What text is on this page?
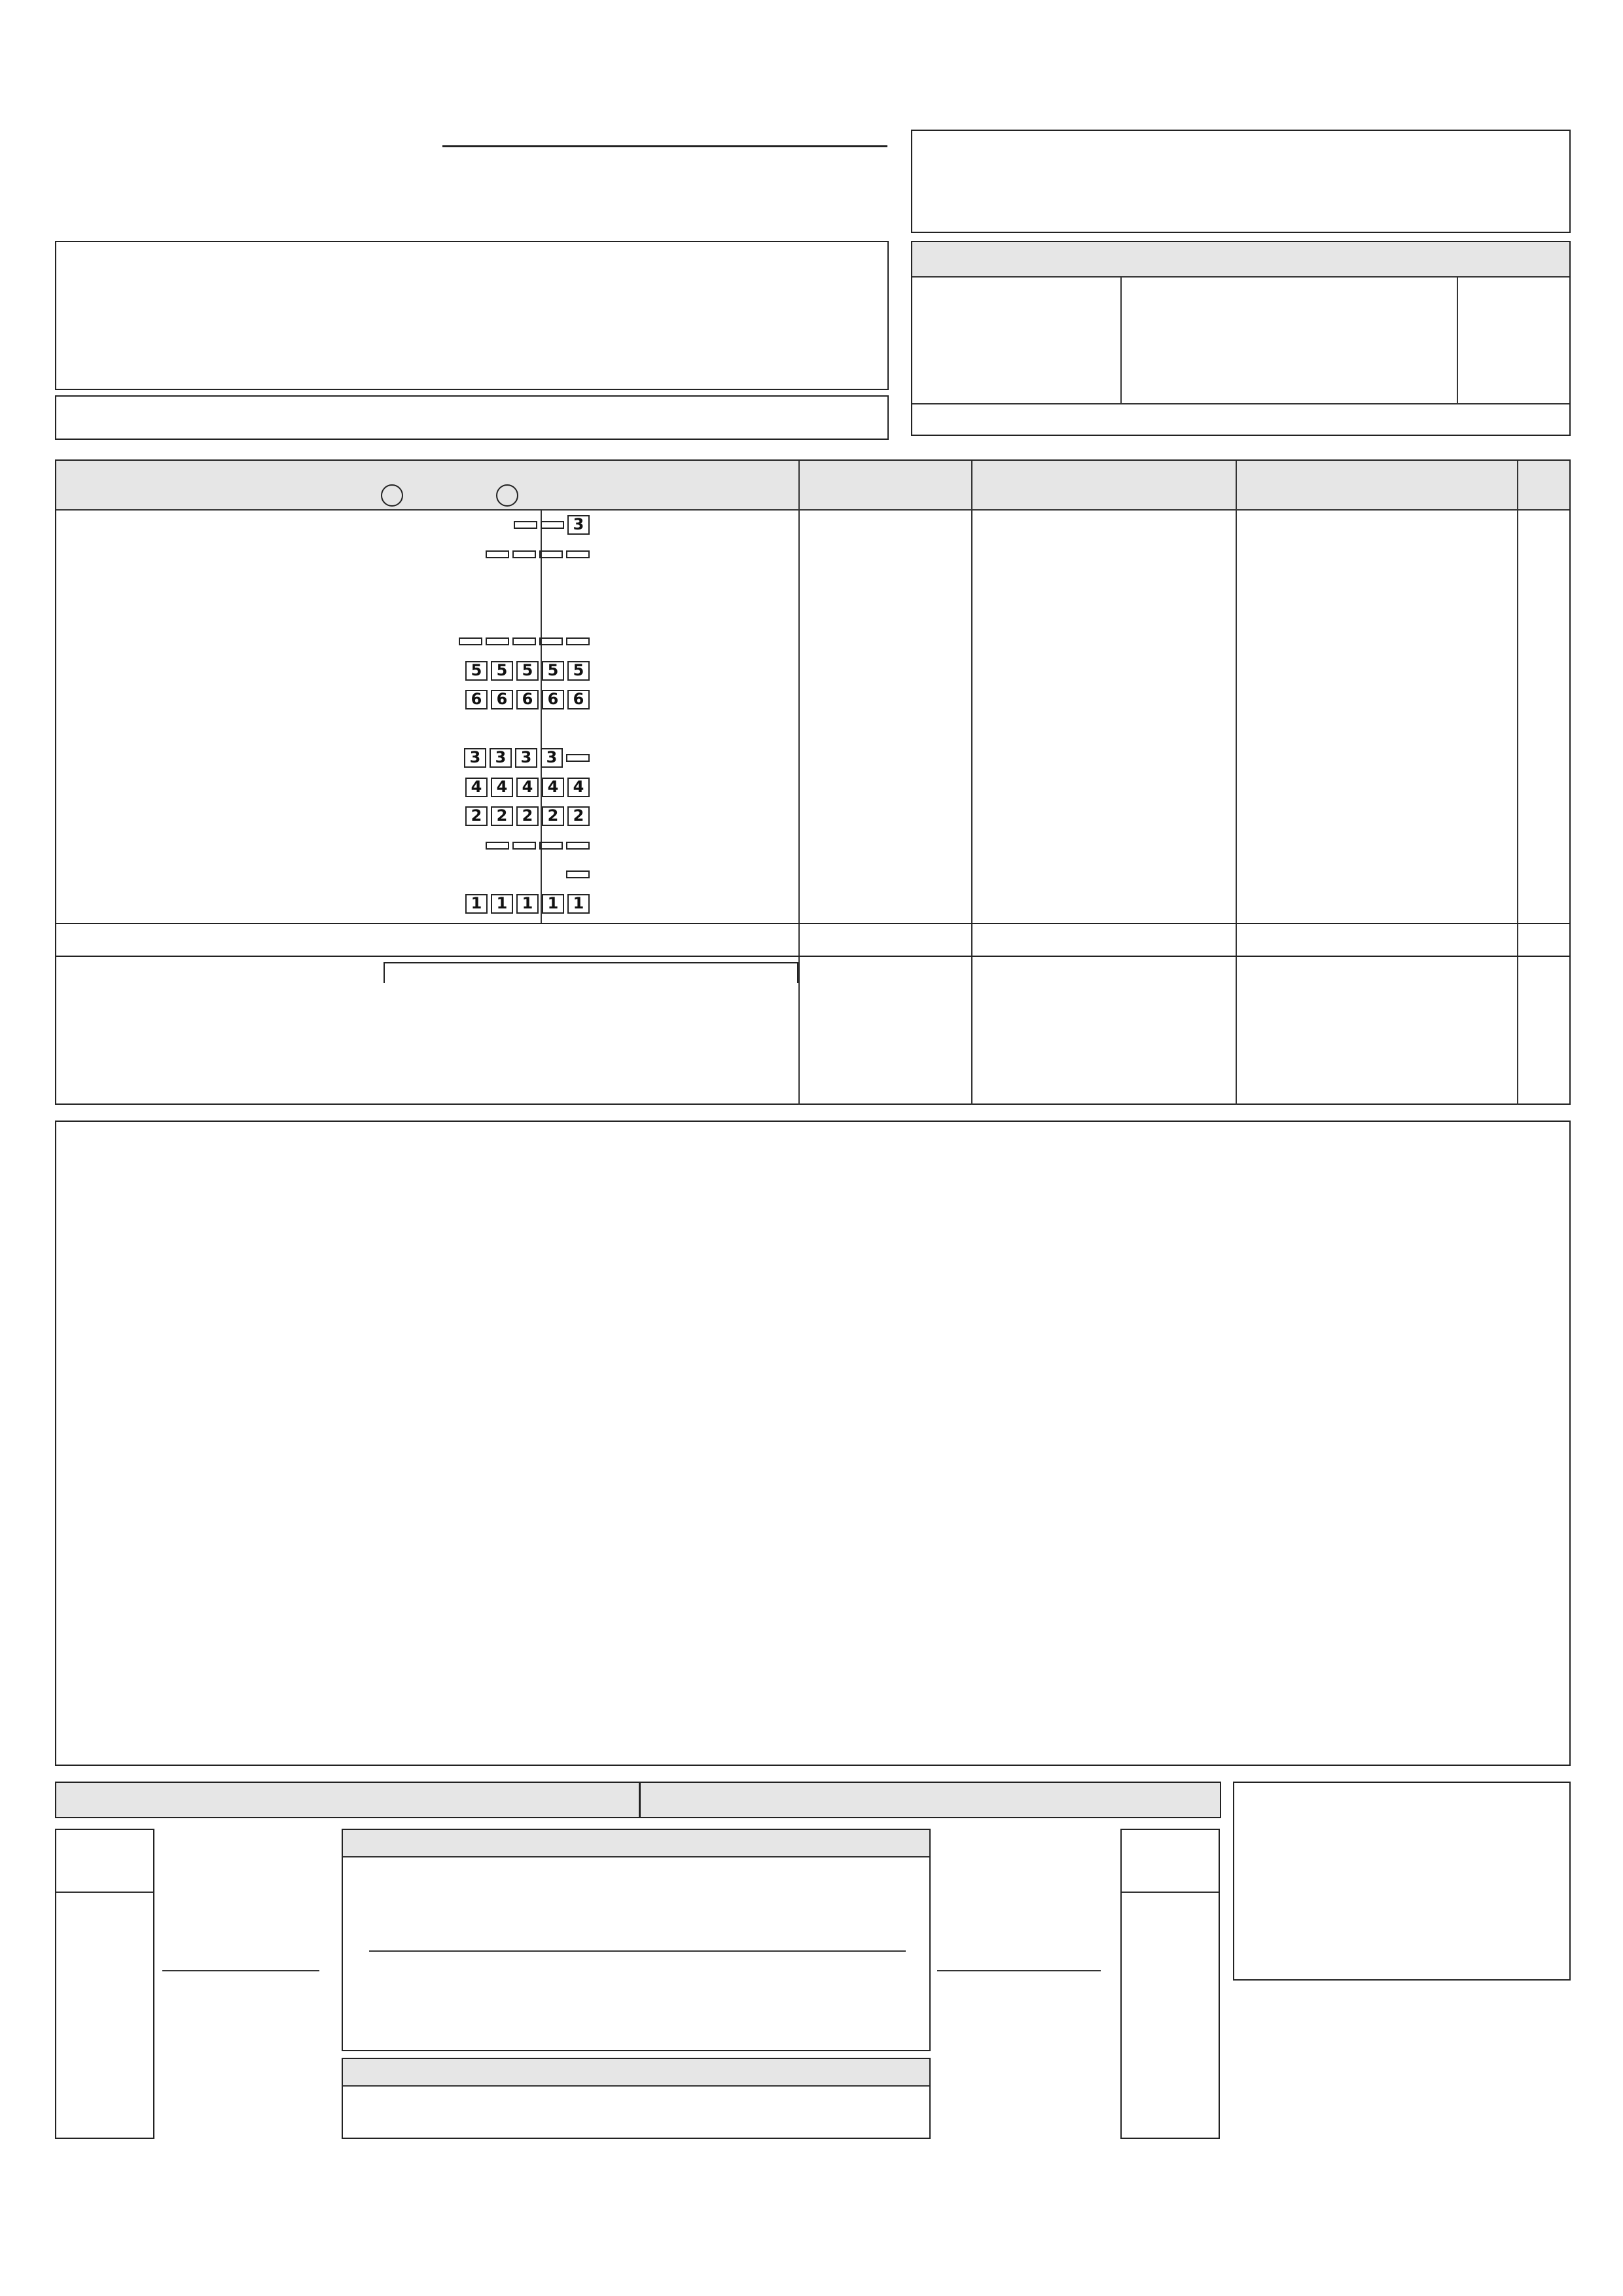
3
5 5 5 5 5
6 6 6 6 6
3 3 3 3
4 4 4 4 4
2 2 2 2 2
1 1 1 1 1
